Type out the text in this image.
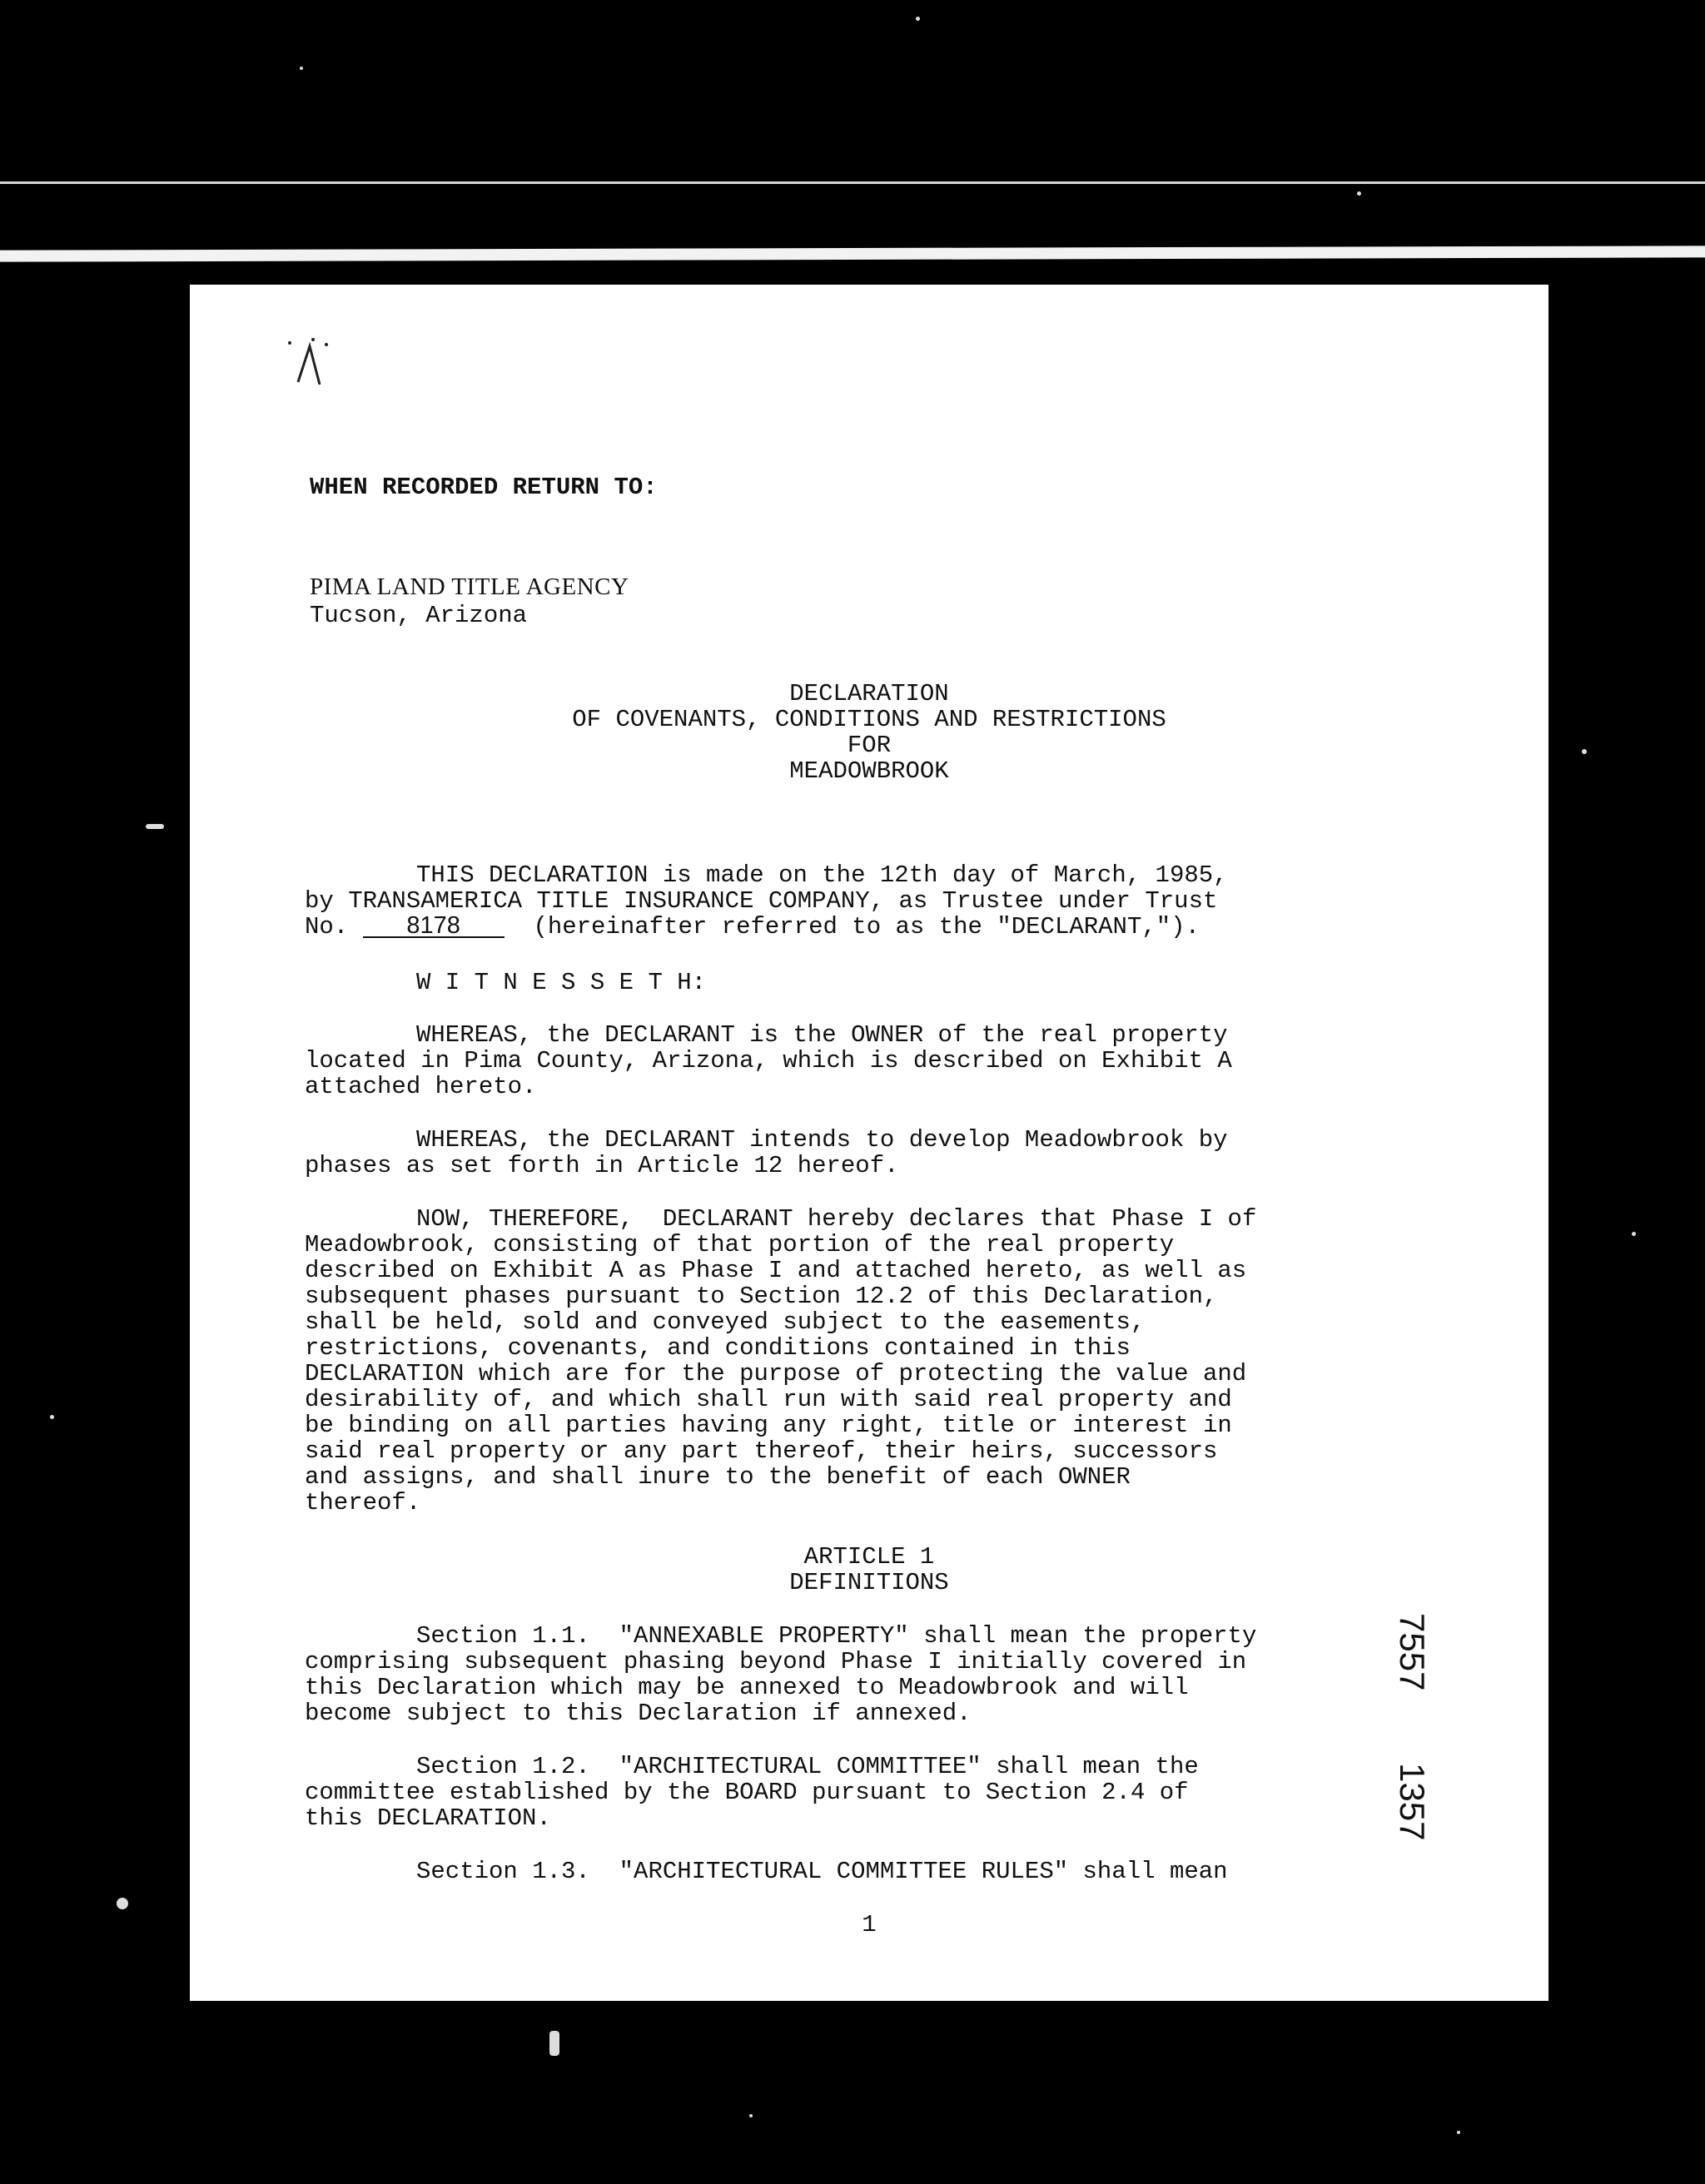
WHEN RECORDED RETURN TO:
PIMA LAND TITLE AGENCY
Tucson, Arizona
DECLARATION
OF COVENANTS, CONDITIONS AND RESTRICTIONS
FOR
MEADOWBROOK
THIS DECLARATION is made on the 12th day of March, 1985,
by TRANSAMERICA TITLE INSURANCE COMPANY, as Trustee under Trust
No. 8178	(hereinafter referred to as the "DECLARANT,").
W I T N E S S E T H:
WHEREAS, the DECLARANT is the OWNER of the real property
located in Pima County, Arizona, which is described on Exhibit A
attached hereto.
WHEREAS, the DECLARANT intends to develop Meadowbrook by
phases as set forth in Article 12 hereof.
NOW, THEREFORE,  DECLARANT hereby declares that Phase I of
Meadowbrook, consisting of that portion of the real property
described on Exhibit A as Phase I and attached hereto, as well as
subsequent phases pursuant to Section 12.2 of this Declaration,
shall be held, sold and conveyed subject to the easements,
restrictions, covenants, and conditions contained in this
DECLARATION which are for the purpose of protecting the value and
desirability of, and which shall run with said real property and
be binding on all parties having any right, title or interest in
said real property or any part thereof, their heirs, successors
and assigns, and shall inure to the benefit of each OWNER
thereof.
ARTICLE 1
DEFINITIONS
Section 1.1.  "ANNEXABLE PROPERTY" shall mean the property
comprising subsequent phasing beyond Phase I initially covered in
this Declaration which may be annexed to Meadowbrook and will
become subject to this Declaration if annexed.
Section 1.2.  "ARCHITECTURAL COMMITTEE" shall mean the
committee established by the BOARD pursuant to Section 2.4 of
this DECLARATION.
Section 1.3.  "ARCHITECTURAL COMMITTEE RULES" shall mean
1
7557
1357
